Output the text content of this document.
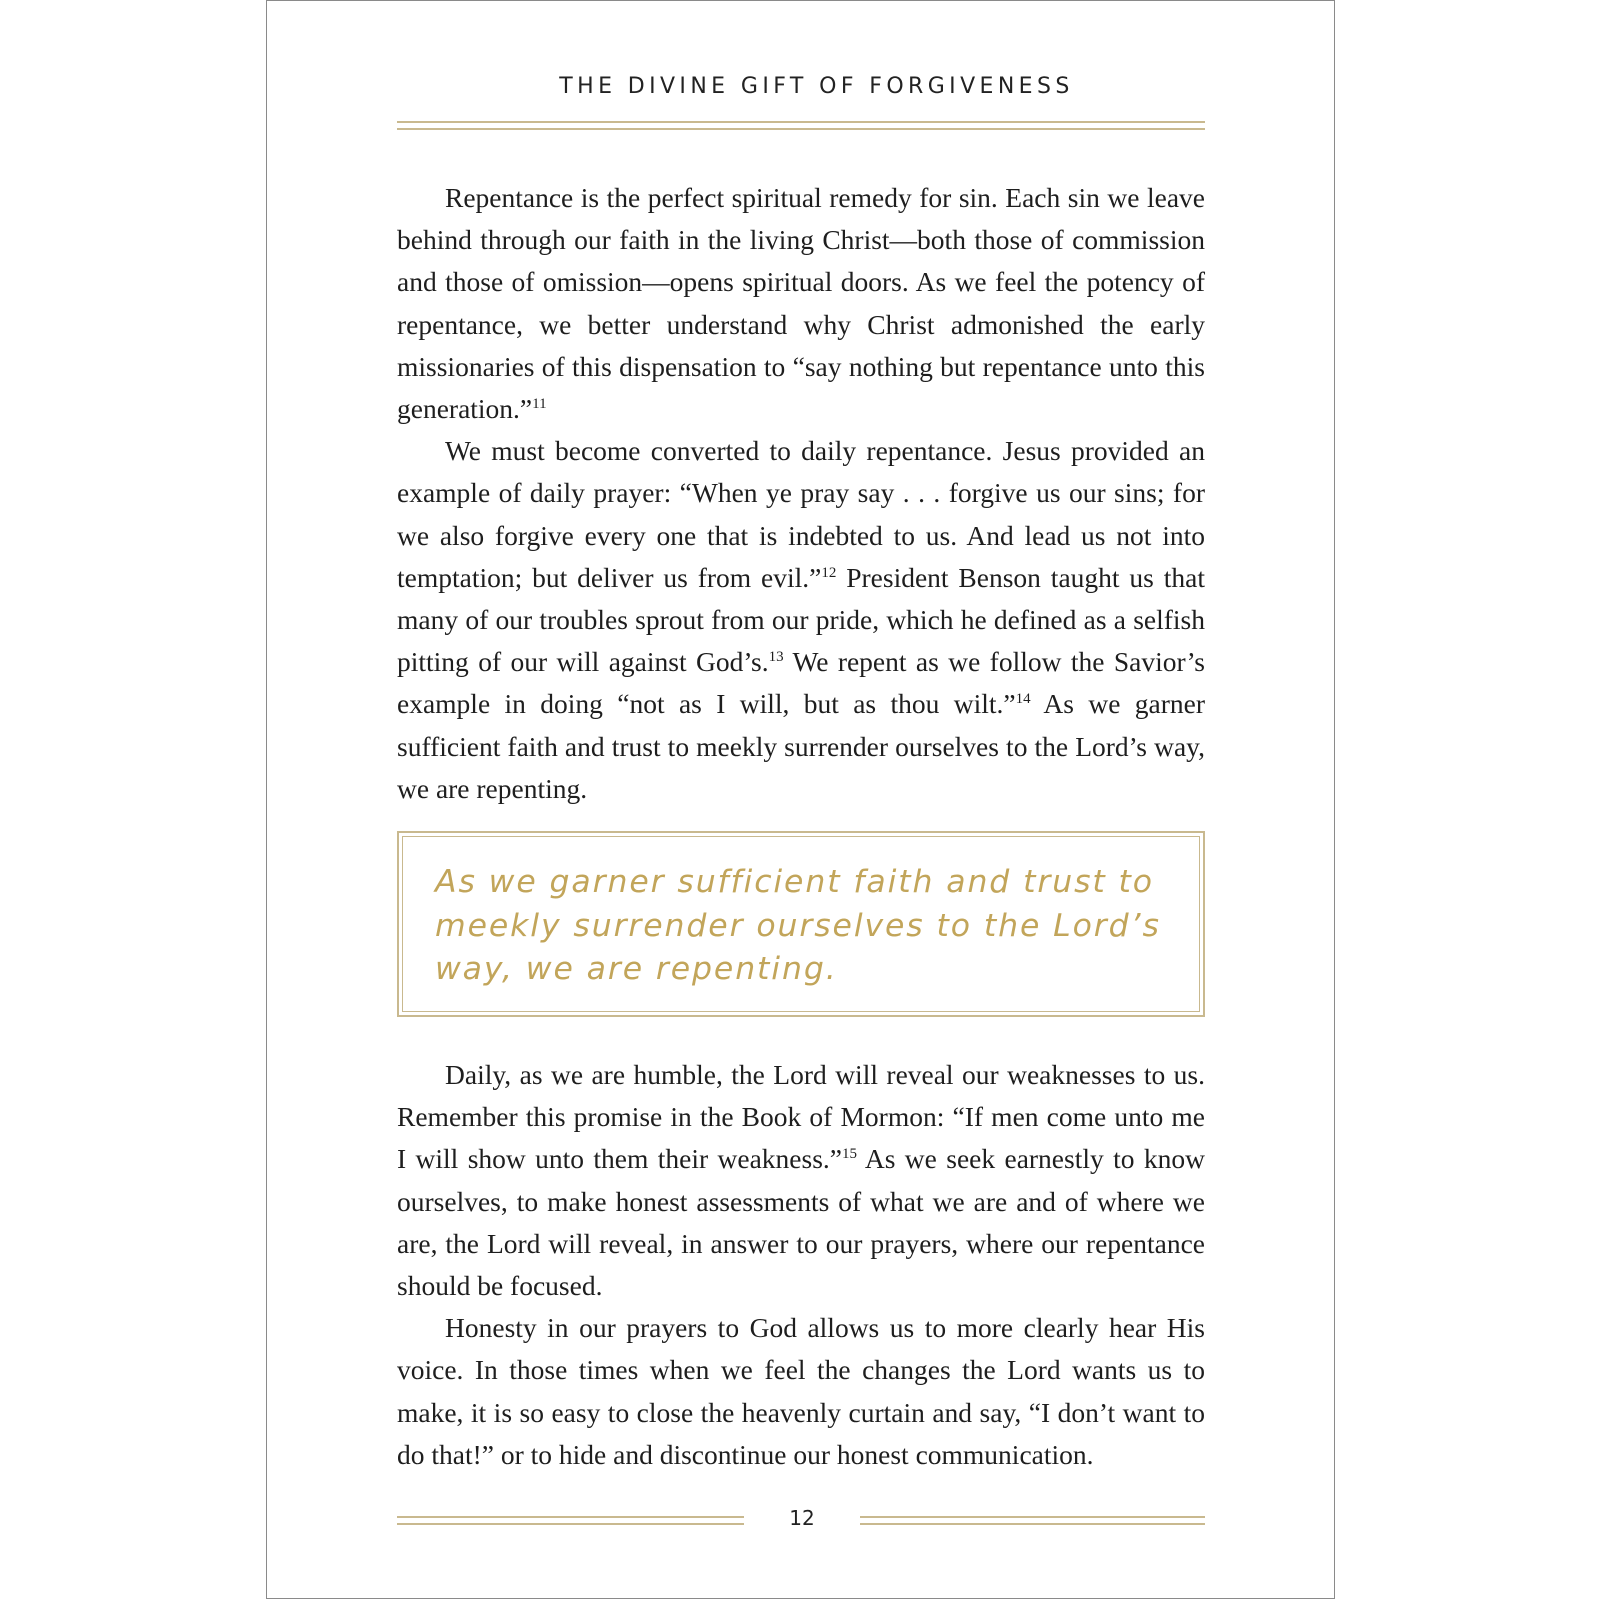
THE DIVINE GIFT OF FORGIVENESS

Repentance is the perfect spiritual remedy for sin. Each sin we leave behind through our faith in the living Christ—both those of commission and those of omission—opens spiritual doors. As we feel the potency of repentance, we better understand why Christ admonished the early missionaries of this dispensation to “say nothing but repentance unto this generation.”$^{11}$

We must become converted to daily repentance. Jesus provided an example of daily prayer: “When ye pray say . . . forgive us our sins; for we also forgive every one that is indebted to us. And lead us not into temptation; but deliver us from evil.”$^{12}$ President Benson taught us that many of our troubles sprout from our pride, which he defined as a selfish pitting of our will against God’s.$^{13}$ We repent as we follow the Savior’s example in doing “not as I will, but as thou wilt.”$^{14}$ As we garner sufficient faith and trust to meekly surrender ourselves to the Lord’s way, we are repenting.

As we garner sufficient faith and trust to meekly surrender ourselves to the Lord’s way, we are repenting.

Daily, as we are humble, the Lord will reveal our weaknesses to us. Remember this promise in the Book of Mormon: “If men come unto me I will show unto them their weakness.”$^{15}$ As we seek earnestly to know ourselves, to make honest assessments of what we are and of where we are, the Lord will reveal, in answer to our prayers, where our repentance should be focused.

Honesty in our prayers to God allows us to more clearly hear His voice. In those times when we feel the changes the Lord wants us to make, it is so easy to close the heavenly curtain and say, “I don’t want to do that!” or to hide and discontinue our honest communication.

12
